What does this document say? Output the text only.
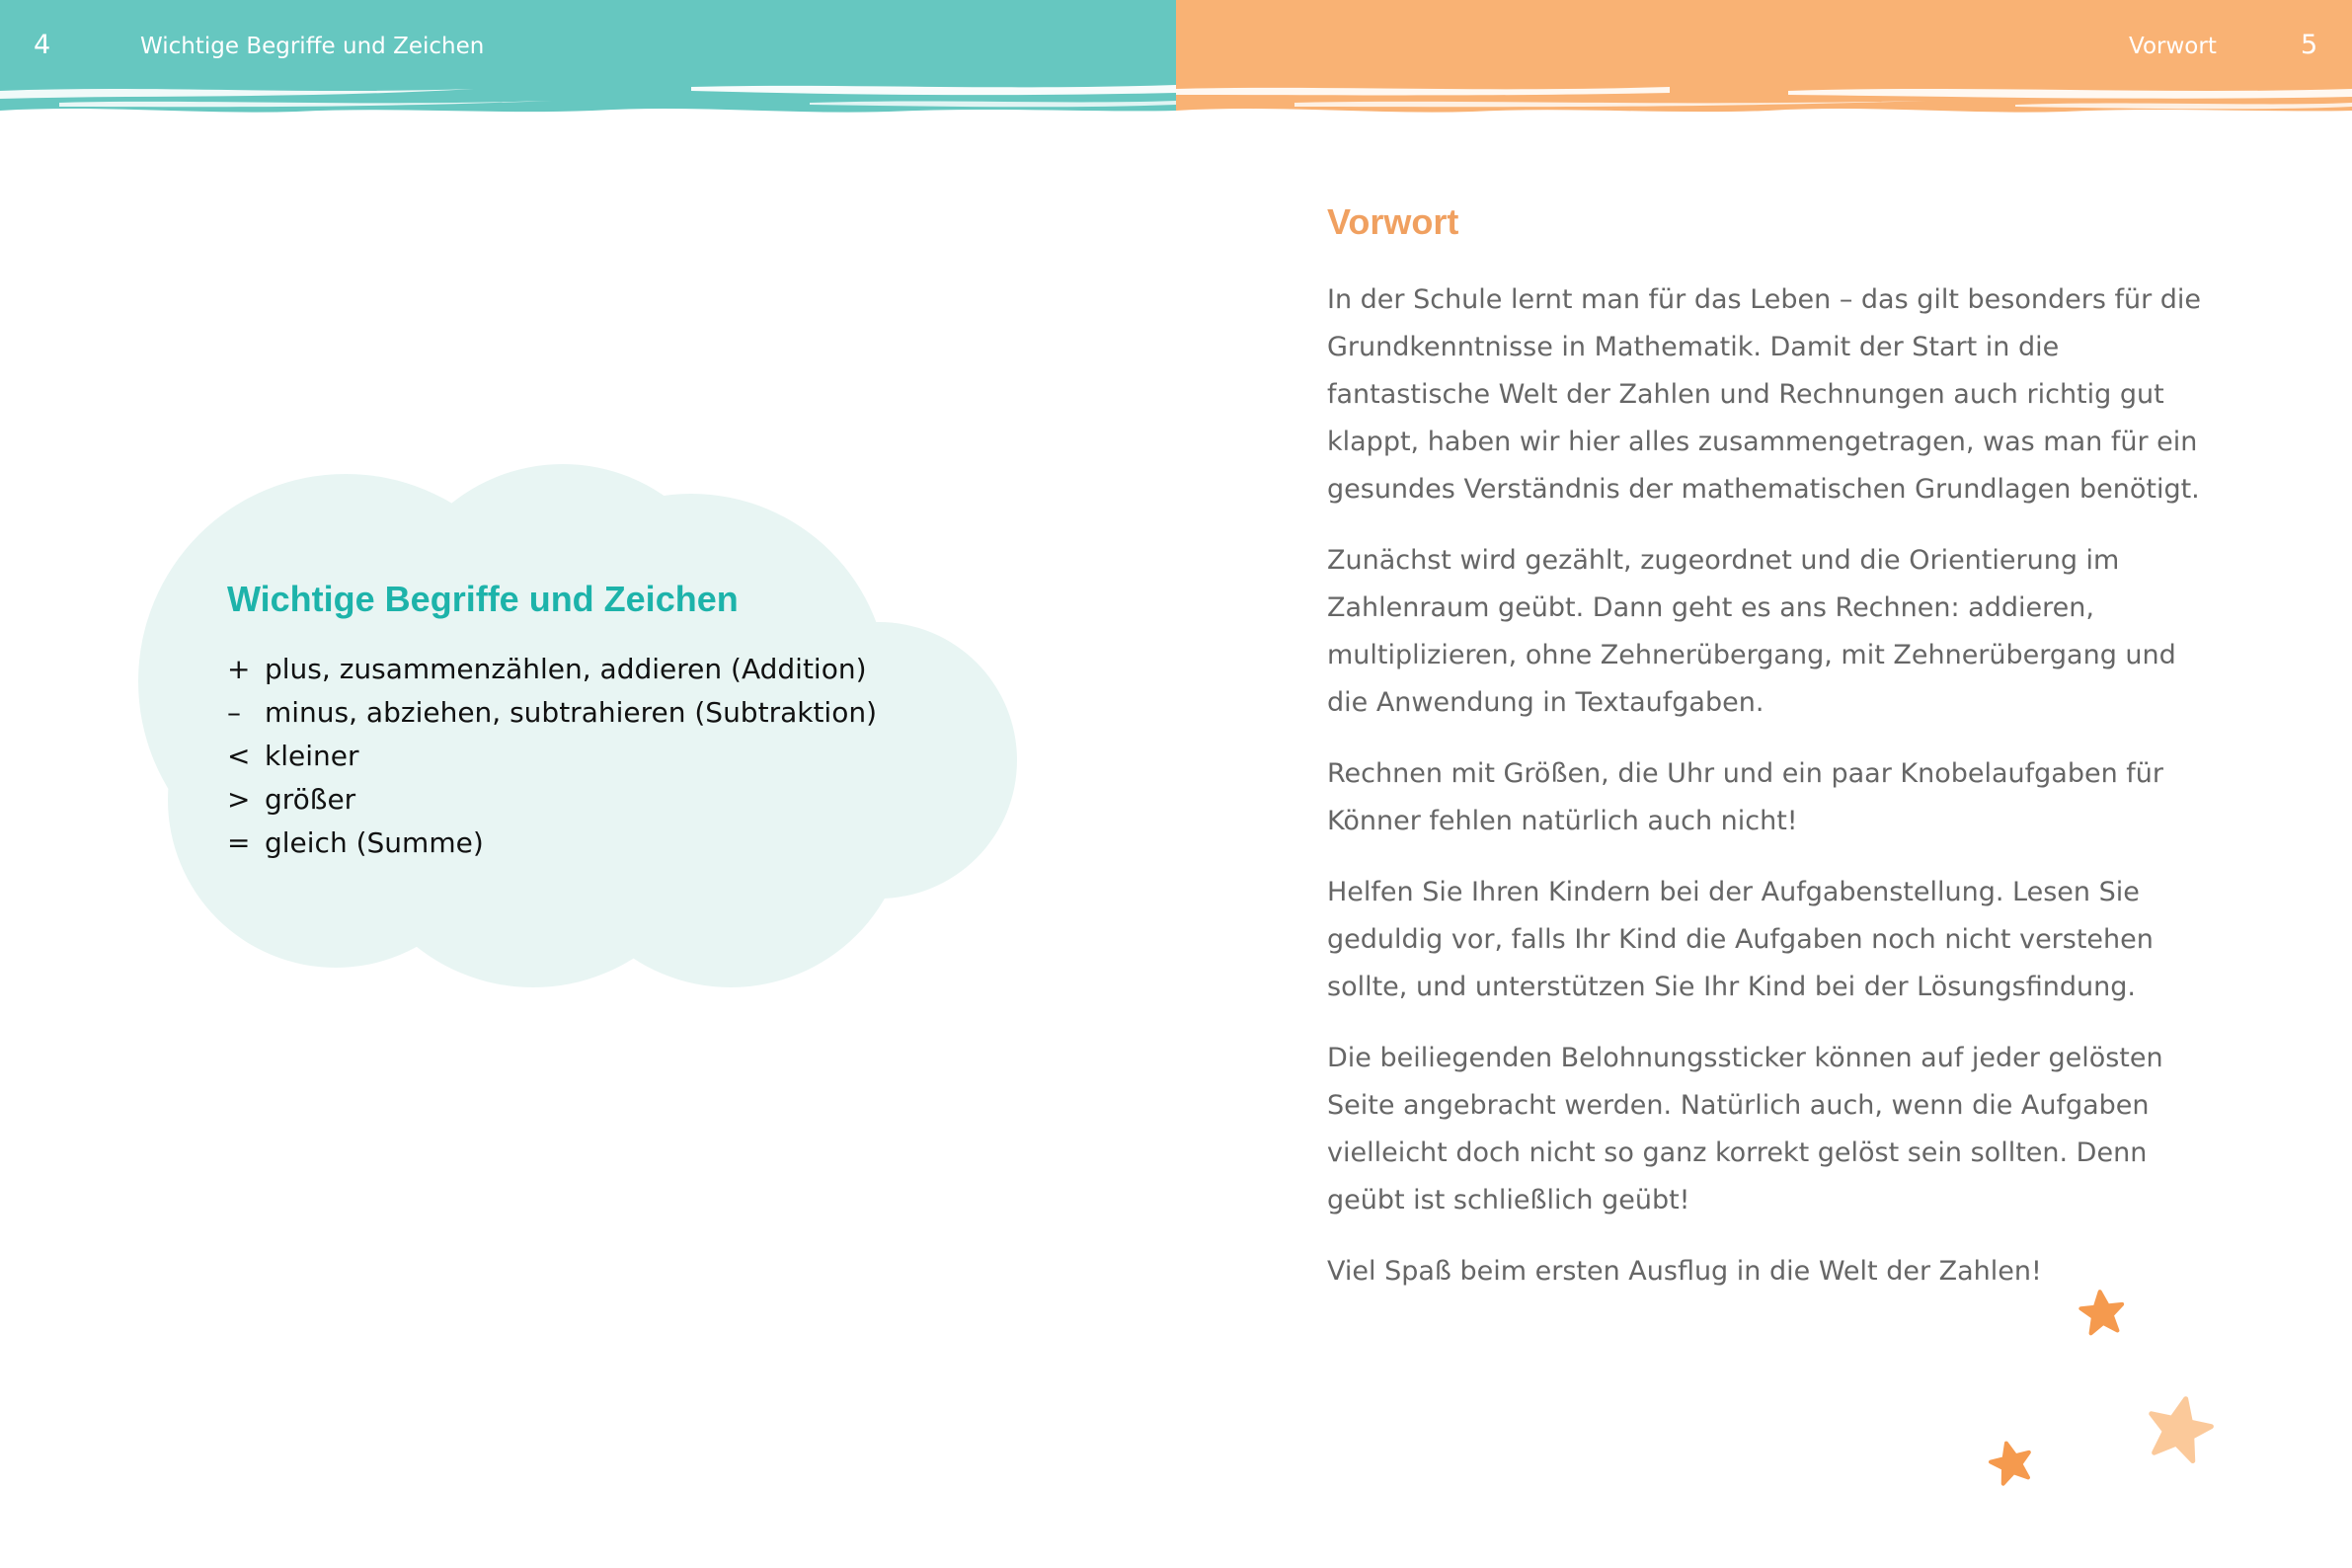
4	Wichtige Begriffe und Zeichen
Wichtige Begriffe und Zeichen
+ plus, zusammenzählen, addieren (Addition)
– minus, abziehen, subtrahieren (Subtraktion)
< kleiner
> größer
= gleich (Summe)
Vorwort	5
Vorwort

In der Schule lernt man für das Leben – das gilt besonders für die Grundkenntnisse in Mathematik. Damit der Start in die fantastische Welt der Zahlen und Rechnungen auch richtig gut klappt, haben wir hier alles zusammengetragen, was man für ein gesundes Verständnis der mathematischen Grundlagen benötigt.

Zunächst wird gezählt, zugeordnet und die Orientierung im Zahlenraum geübt. Dann geht es ans Rechnen: addieren, multiplizieren, ohne Zehnerübergang, mit Zehnerübergang und die Anwendung in Textaufgaben.

Rechnen mit Größen, die Uhr und ein paar Knobelaufgaben für Könner fehlen natürlich auch nicht!

Helfen Sie Ihren Kindern bei der Aufgabenstellung. Lesen Sie geduldig vor, falls Ihr Kind die Aufgaben noch nicht verstehen sollte, und unterstützen Sie Ihr Kind bei der Lösungsfindung.

Die beiliegenden Belohnungssticker können auf jeder gelösten Seite angebracht werden. Natürlich auch, wenn die Aufgaben vielleicht doch nicht so ganz korrekt gelöst sein sollten. Denn geübt ist schließlich geübt!

Viel Spaß beim ersten Ausflug in die Welt der Zahlen!
